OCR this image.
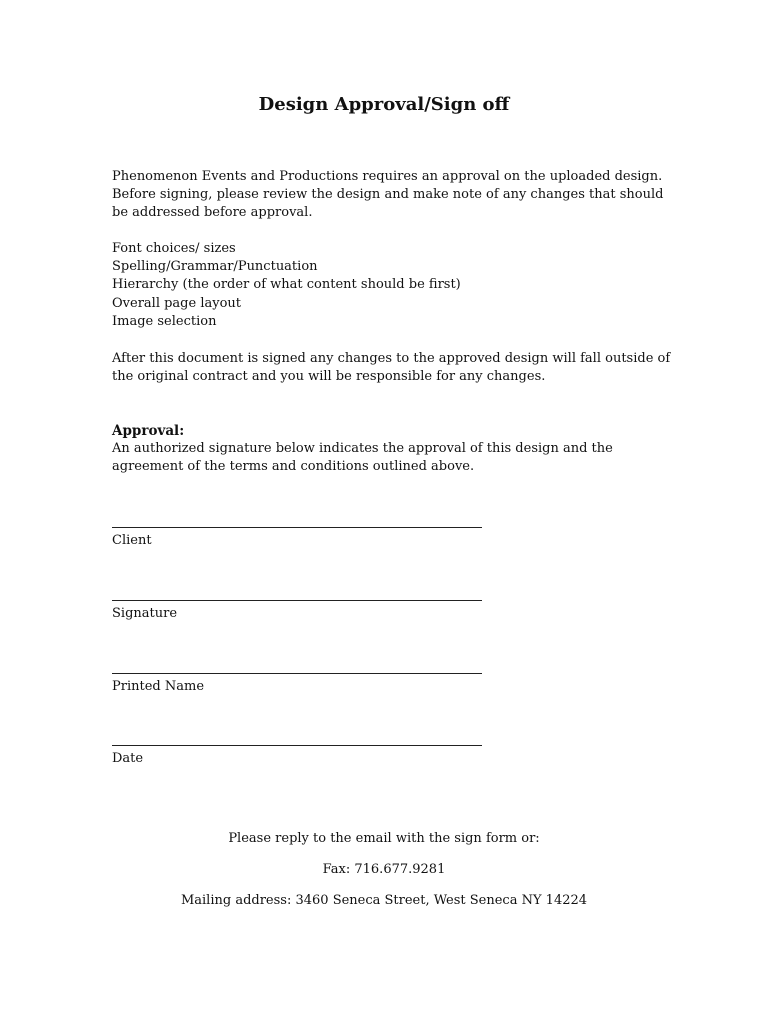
Design Approval/Sign off
Phenomenon Events and Productions requires an approval on the uploaded design.
Before signing, please review the design and make note of any changes that should
be addressed before approval.
Font choices/ sizes
Spelling/Grammar/Punctuation
Hierarchy (the order of what content should be first)
Overall page layout
Image selection
After this document is signed any changes to the approved design will fall outside of
the original contract and you will be responsible for any changes.
Approval:
An authorized signature below indicates the approval of this design and the
agreement of the terms and conditions outlined above.
Client
Signature
Printed Name
Date
Please reply to the email with the sign form or:
Fax: 716.677.9281
Mailing address: 3460 Seneca Street, West Seneca NY 14224
